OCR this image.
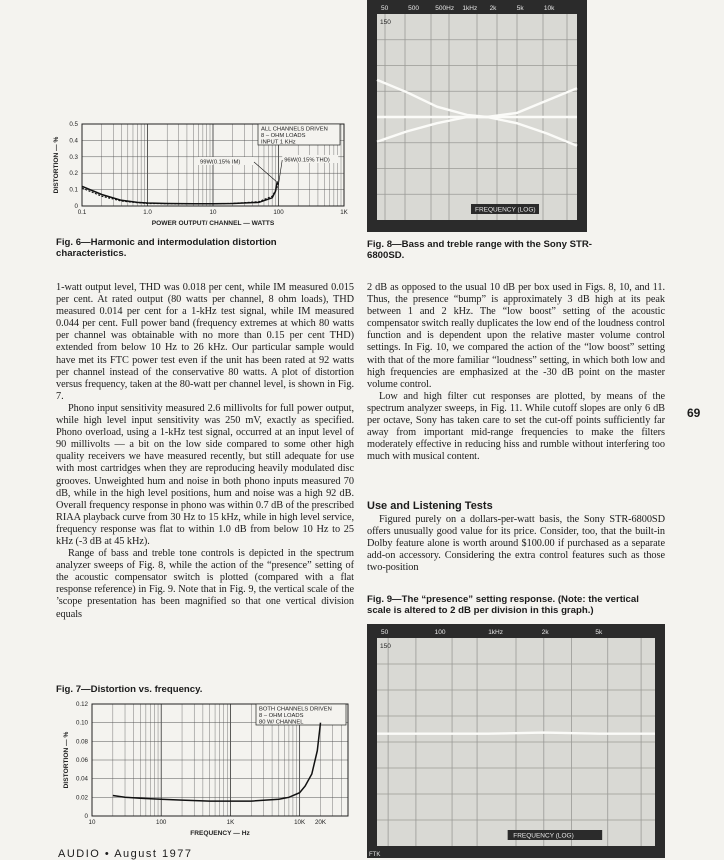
0
0.1
0.2
0.3
0.4
0.5
0.1	1.0	10	100	1K
POWER OUTPUT/ CHANNEL — WATTS
DISTORTION — %
ALL CHANNELS DRIVEN
8 – OHM LOADS
INPUT 1 KHz
99W(0.15% IM)	96W(0.15% THD)
Fig. 6—Harmonic and intermodulation distortion characteristics.

1-watt output level, THD was 0.018 per cent, while IM measured 0.015 per cent. At rated output (80 watts per channel, 8 ohm loads), THD measured 0.014 per cent for a 1-kHz test signal, while IM measured 0.044 per cent. Full power band (frequency extremes at which 80 watts per channel was obtainable with no more than 0.15 per cent THD) extended from below 10 Hz to 26 kHz. Our particular sample would have met its FTC power test even if the unit has been rated at 92 watts per channel instead of the conservative 80 watts. A plot of distortion versus frequency, taken at the 80-watt per channel level, is shown in Fig. 7.

Phono input sensitivity measured 2.6 millivolts for full power output, while high level input sensitivity was 250 mV, exactly as specified. Phono overload, using a 1-kHz test signal, occurred at an input level of 90 millivolts — a bit on the low side compared to some other high quality receivers we have measured recently, but still adequate for use with most cartridges when they are reproducing heavily modulated disc grooves. Unweighted hum and noise in both phono inputs measured 70 dB, while in the high level positions, hum and noise was a high 92 dB. Overall frequency response in phono was within 0.7 dB of the prescribed RIAA playback curve from 30 Hz to 15 kHz, while in high level service, frequency response was flat to within 1.0 dB from below 10 Hz to 25 kHz (-3 dB at 45 kHz).

Range of bass and treble tone controls is depicted in the spectrum analyzer sweeps of Fig. 8, while the action of the “presence” setting of the acoustic compensator switch is plotted (compared with a flat response reference) in Fig. 9. Note that in Fig. 9, the vertical scale of the ’scope presentation has been magnified so that one vertical division equals

Fig. 7—Distortion vs. frequency.
0
0.02
0.04
0.06
0.08
0.10
0.12
10	100	1K	10K 20K
FREQUENCY — Hz
DISTORTION — %
BOTH CHANNELS DRIVEN
8 – OHM LOADS
80 W/ CHANNEL
50	500	500Hz 1kHz 2k	5k	10k
150
FREQUENCY (LOG)
Fig. 8—Bass and treble range with the Sony STR-6800SD.

2 dB as opposed to the usual 10 dB per box used in Figs. 8, 10, and 11. Thus, the presence “bump” is approximately 3 dB high at its peak between 1 and 2 kHz. The “low boost” setting of the acoustic compensator switch really duplicates the low end of the loudness control function and is dependent upon the relative master volume control settings. In Fig. 10, we compared the action of the “low boost” setting with that of the more familiar “loudness” setting, in which both low and high frequencies are emphasized at the -30 dB point on the master volume control.

Low and high filter cut responses are plotted, by means of the spectrum analyzer sweeps, in Fig. 11. While cutoff slopes are only 6 dB per octave, Sony has taken care to set the cut-off points sufficiently far away from important mid-range frequencies to make the filters moderately effective in reducing hiss and rumble without interfering too much with musical content.

69
Use and Listening Tests

Figured purely on a dollars-per-watt basis, the Sony STR-6800SD offers unusually good value for its price. Consider, too, that the built-in Dolby feature alone is worth around $100.00 if purchased as a separate add-on accessory. Considering the extra control features such as those two-position

Fig. 9—The “presence” setting response. (Note: the vertical scale is altered to 2 dB per division in this graph.)
50	100	1kHz	2k	5k
150
FREQUENCY (LOG)
FTK
AUDIO • August 1977
